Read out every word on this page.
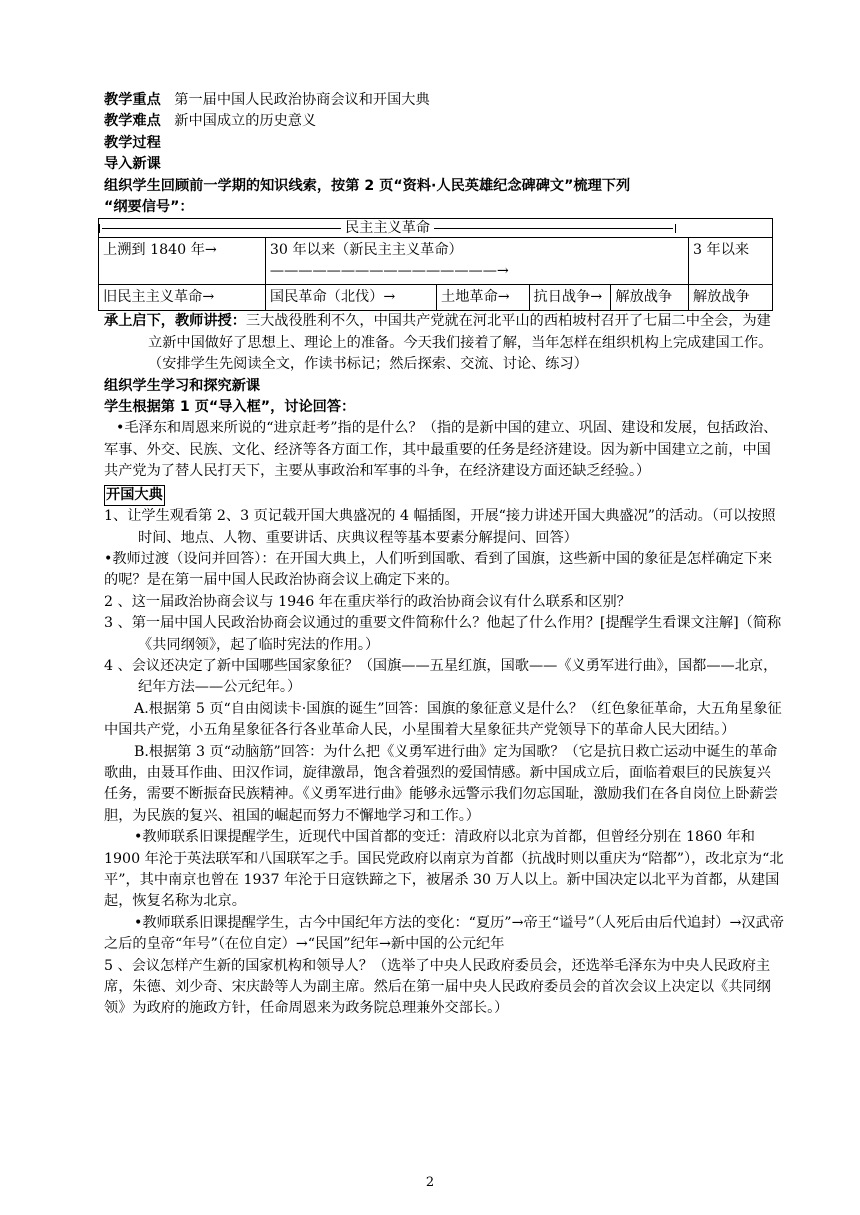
教学重点 第一届中国人民政治协商会议和开国大典

教学难点 新中国成立的历史意义

教学过程

导入新课

组织学生回顾前一学期的知识线索，按第 2 页“资料·人民英雄纪念碑碑文”梳理下列

“纲要信号”：

民主主义革命					

上溯到 1840 年→	30 年以来（新民主主义革命）————————————————→				3 年以来
旧民主主义革命→	国民革命（北伐）→	土地革命→	抗日战争→	解放战争	解放战争

承上启下，教师讲授：三大战役胜利不久，中国共产党就在河北平山的西柏坡村召开了七届二中全会，为建立新中国做好了思想上、理论上的准备。今天我们接着了解，当年怎样在组织机构上完成建国工作。（安排学生先阅读全文，作读书标记；然后探索、交流、讨论、练习）

组织学生学习和探究新课

学生根据第 1 页“导入框”，讨论回答：

•毛泽东和周恩来所说的“进京赶考”指的是什么？（指的是新中国的建立、巩固、建设和发展，包括政治、军事、外交、民族、文化、经济等各方面工作，其中最重要的任务是经济建设。因为新中国建立之前，中国共产党为了替人民打天下，主要从事政治和军事的斗争，在经济建设方面还缺乏经验。）

开国大典

1、让学生观看第 2、3 页记载开国大典盛况的 4 幅插图，开展“接力讲述开国大典盛况”的活动。（可以按照时间、地点、人物、重要讲话、庆典议程等基本要素分解提问、回答）

•教师过渡（设问并回答）：在开国大典上，人们听到国歌、看到了国旗，这些新中国的象征是怎样确定下来的呢？是在第一届中国人民政治协商会议上确定下来的。

2 、这一届政治协商会议与 1946 年在重庆举行的政治协商会议有什么联系和区别？

3 、第一届中国人民政治协商会议通过的重要文件简称什么？他起了什么作用？[提醒学生看课文注解]（简称《共同纲领》，起了临时宪法的作用。）

4 、会议还决定了新中国哪些国家象征？（国旗——五星红旗，国歌——《义勇军进行曲》，国都——北京，纪年方法——公元纪年。）

A.根据第 5 页“自由阅读卡·国旗的诞生”回答：国旗的象征意义是什么？（红色象征革命，大五角星象征中国共产党，小五角星象征各行各业革命人民，小星围着大星象征共产党领导下的革命人民大团结。）

B.根据第 3 页“动脑筋”回答：为什么把《义勇军进行曲》定为国歌？（它是抗日救亡运动中诞生的革命歌曲，由聂耳作曲、田汉作词，旋律激昂，饱含着强烈的爱国情感。新中国成立后，面临着艰巨的民族复兴任务，需要不断振奋民族精神。《义勇军进行曲》能够永远警示我们勿忘国耻，激励我们在各自岗位上卧薪尝胆，为民族的复兴、祖国的崛起而努力不懈地学习和工作。）

•教师联系旧课提醒学生，近现代中国首都的变迁：清政府以北京为首都，但曾经分别在 1860 年和 1900 年沦于英法联军和八国联军之手。国民党政府以南京为首都（抗战时则以重庆为“陪都”），改北京为“北平”，其中南京也曾在 1937 年沦于日寇铁蹄之下，被屠杀 30 万人以上。新中国决定以北平为首都，从建国起，恢复名称为北京。

•教师联系旧课提醒学生，古今中国纪年方法的变化：“夏历”→帝王“谥号”（人死后由后代追封）→汉武帝之后的皇帝“年号”（在位自定）→“民国”纪年→新中国的公元纪年

5 、会议怎样产生新的国家机构和领导人？（选举了中央人民政府委员会，还选举毛泽东为中央人民政府主席，朱德、刘少奇、宋庆龄等人为副主席。然后在第一届中央人民政府委员会的首次会议上决定以《共同纲领》为政府的施政方针，任命周恩来为政务院总理兼外交部长。）

2
